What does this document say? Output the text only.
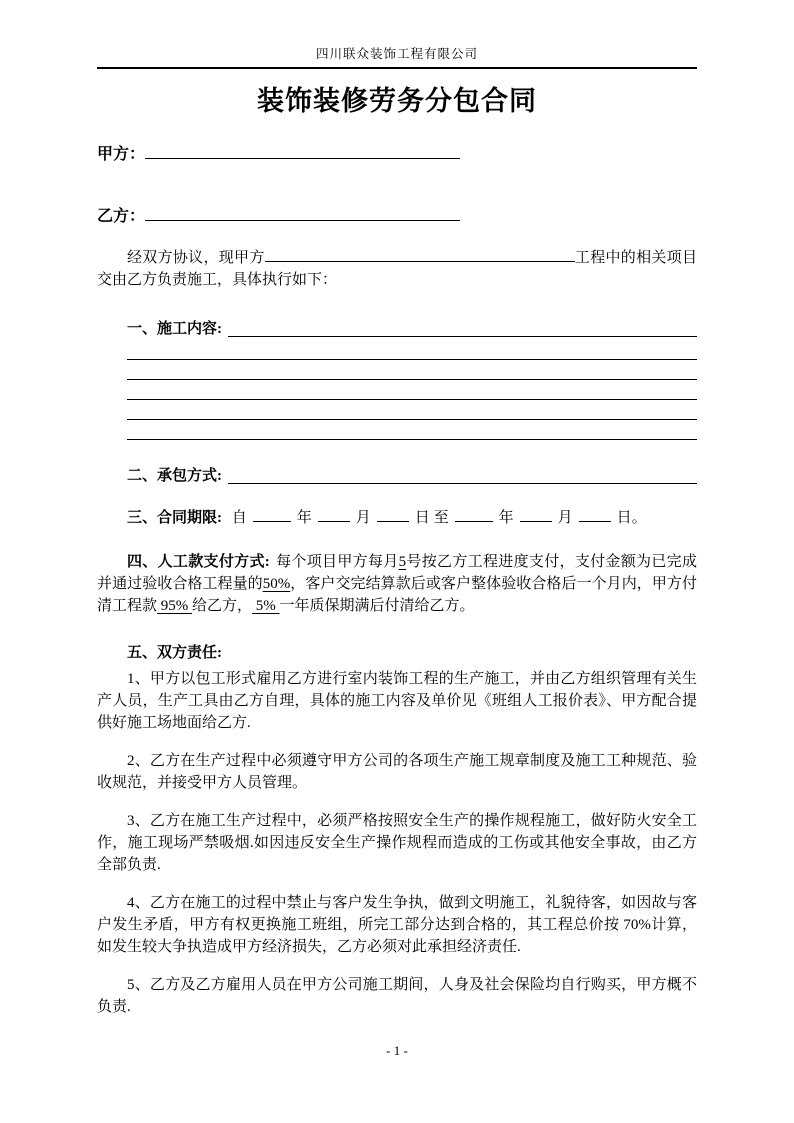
四川联众装饰工程有限公司
装饰装修劳务分包合同
甲方：
乙方：

经双方协议，现甲方	工程中的相关项目交由乙方负责施工，具体执行如下：

一、施工内容:
二、承包方式:
三、合同期限: 自	年	月	日 至	年	月	日。

四、人工款支付方式: 每个项目甲方每月5号按乙方工程进度支付，支付金额为已完成并通过验收合格工程量的50%，客户交完结算款后或客户整体验收合格后一个月内，甲方付清工程款 95% 给乙方， 5% 一年质保期满后付清给乙方。

五、双方责任:

1、甲方以包工形式雇用乙方进行室内装饰工程的生产施工，并由乙方组织管理有关生产人员，生产工具由乙方自理，具体的施工内容及单价见《班组人工报价表》、甲方配合提供好施工场地面给乙方.

2、乙方在生产过程中必须遵守甲方公司的各项生产施工规章制度及施工工种规范、验收规范，并接受甲方人员管理。

3、乙方在施工生产过程中，必须严格按照安全生产的操作规程施工，做好防火安全工作，施工现场严禁吸烟.如因违反安全生产操作规程而造成的工伤或其他安全事故，由乙方全部负责.

4、乙方在施工的过程中禁止与客户发生争执，做到文明施工，礼貌待客，如因故与客户发生矛盾，甲方有权更换施工班组，所完工部分达到合格的，其工程总价按 70%计算，如发生较大争执造成甲方经济损失，乙方必须对此承担经济责任.

5、乙方及乙方雇用人员在甲方公司施工期间，人身及社会保险均自行购买，甲方概不负责.

- 1 -
